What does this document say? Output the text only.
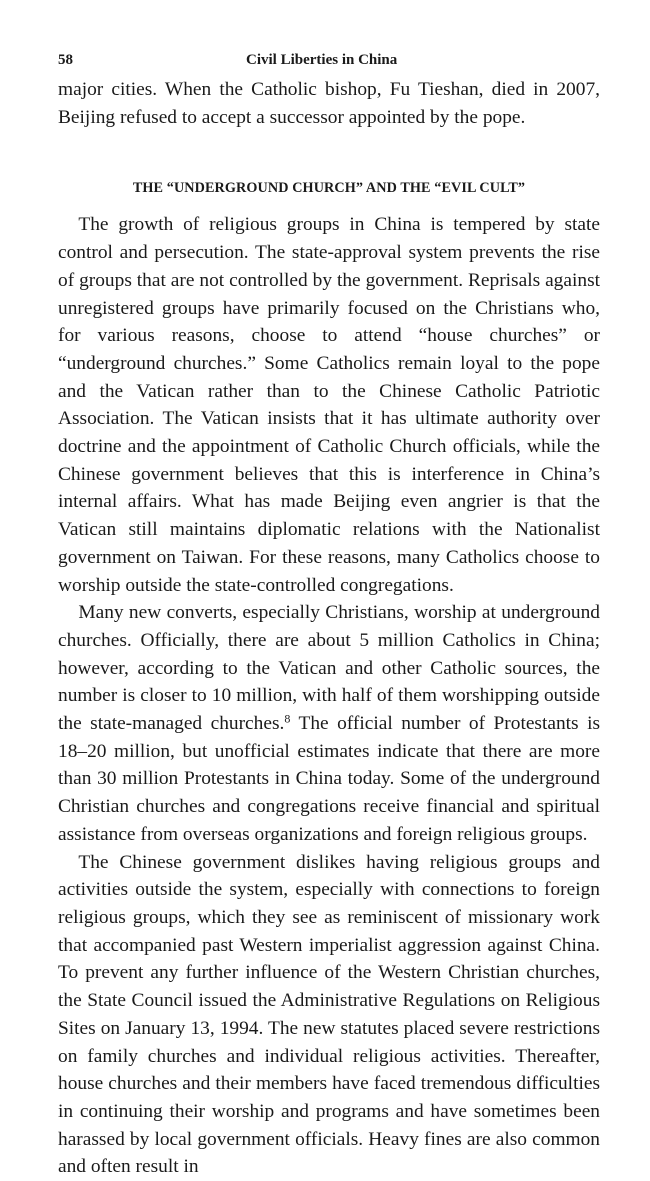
58	Civil Liberties in China

major cities. When the Catholic bishop, Fu Tieshan, died in 2007, Beijing refused to accept a successor appointed by the pope.

THE “UNDERGROUND CHURCH” AND THE “EVIL CULT”

The growth of religious groups in China is tempered by state control and persecution. The state-approval system prevents the rise of groups that are not controlled by the government. Reprisals against unregistered groups have primarily focused on the Christians who, for various reasons, choose to attend “house churches” or “underground churches.” Some Catholics remain loyal to the pope and the Vatican rather than to the Chinese Catholic Patriotic Association. The Vatican insists that it has ultimate authority over doctrine and the appointment of Catholic Church officials, while the Chinese government believes that this is interference in China’s internal affairs. What has made Beijing even angrier is that the Vatican still maintains diplomatic relations with the Nationalist government on Taiwan. For these reasons, many Catholics choose to worship outside the state-controlled congregations.

Many new converts, especially Christians, worship at underground churches. Officially, there are about 5 million Catholics in China; however, according to the Vatican and other Catholic sources, the number is closer to 10 million, with half of them worshipping outside the state-managed churches.$^8$ The official number of Protestants is 18–20 million, but unofficial estimates indicate that there are more than 30 million Protestants in China today. Some of the underground Christian churches and congregations receive financial and spiritual assistance from overseas organizations and foreign religious groups.

The Chinese government dislikes having religious groups and activities outside the system, especially with connections to foreign religious groups, which they see as reminiscent of missionary work that accompanied past Western imperialist aggression against China. To prevent any further influence of the Western Christian churches, the State Council issued the Administrative Regulations on Religious Sites on January 13, 1994. The new statutes placed severe restrictions on family churches and individual religious activities. Thereafter, house churches and their members have faced tremendous difficulties in continuing their worship and programs and have sometimes been harassed by local government officials. Heavy fines are also common and often result in
